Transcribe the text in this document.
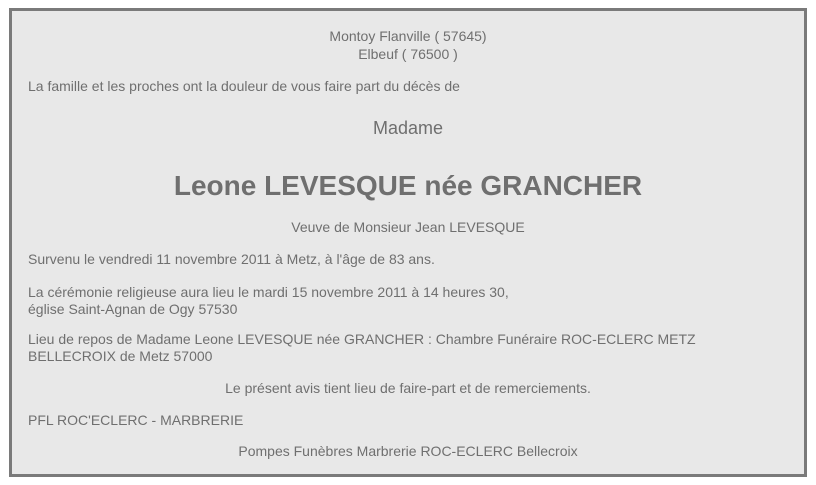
Montoy Flanville ( 57645)
Elbeuf ( 76500 )
La famille et les proches ont la douleur de vous faire part du décès de
Madame
Leone LEVESQUE née GRANCHER
Veuve de Monsieur Jean LEVESQUE
Survenu le vendredi 11 novembre 2011 à Metz, à l'âge de 83 ans.
La cérémonie religieuse aura lieu le mardi 15 novembre 2011 à 14 heures 30,
église Saint-Agnan de Ogy 57530
Lieu de repos de Madame Leone LEVESQUE née GRANCHER : Chambre Funéraire ROC-ECLERC METZ
BELLECROIX de Metz 57000
Le présent avis tient lieu de faire-part et de remerciements.
PFL ROC'ECLERC - MARBRERIE
Pompes Funèbres Marbrerie ROC-ECLERC Bellecroix
